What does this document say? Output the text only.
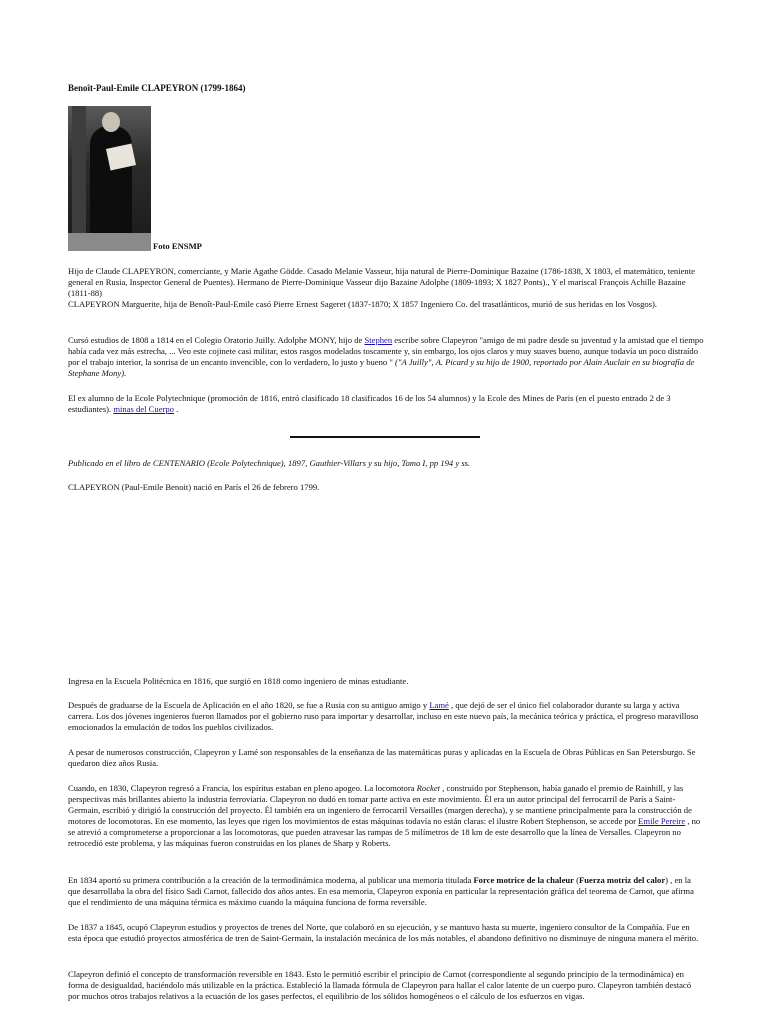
Benoît-Paul-Emile CLAPEYRON (1799-1864)
Foto ENSMP

Hijo de Claude CLAPEYRON, comerciante, y Marie Agathe Gödde. Casado Melanie Vasseur, hija natural de Pierre-Dominique Bazaine (1786-1838, X 1803, el matemático, teniente general en Rusia, Inspector General de Puentes). Hermano de Pierre-Dominique Vasseur dijo Bazaine Adolphe (1809-1893; X 1827 Ponts)., Y el mariscal François Achille Bazaine (1811-88)

CLAPEYRON Marguerite, hija de Benoît-Paul-Emile casó Pierre Ernest Sageret (1837-1870; X 1857 Ingeniero Co. del trasatlánticos, murió de sus heridas en los Vosgos).

Cursó estudios de 1808 a 1814 en el Colegio Oratorio Juilly. Adolphe MONY, hijo de Stephen escribe sobre Clapeyron "amigo de mi padre desde su juventud y la amistad que el tiempo había cada vez más estrecha, ... Veo este cojinete casi militar, estos rasgos modelados toscamente y, sin embargo, los ojos claros y muy suaves bueno, aunque todavía un poco distraído por el trabajo interior, la sonrisa de un encanto invencible, con lo verdadero, lo justo y bueno " ("A Juilly", A. Picard y su hijo de 1900, reportado por Alain Auclair en su biografía de Stephane Mony).

El ex alumno de la Ecole Polytechnique (promoción de 1816, entró clasificado 18 clasificados 16 de los 54 alumnos) y la Ecole des Mines de Paris (en el puesto entrado 2 de 3 estudiantes). minas del Cuerpo .

Publicado en el libro de CENTENARIO (Ecole Polytechnique), 1897, Gauthier-Villars y su hijo, Tomo I, pp 194 y ss.

CLAPEYRON (Paul-Emile Benoit) nació en París el 26 de febrero 1799.

Ingresa en la Escuela Politécnica en 1816, que surgió en 1818 como ingeniero de minas estudiante.

Después de graduarse de la Escuela de Aplicación en el año 1820, se fue a Rusia con su antiguo amigo y Lamé , que dejó de ser el único fiel colaborador durante su larga y activa carrera. Los dos jóvenes ingenieros fueron llamados por el gobierno ruso para importar y desarrollar, incluso en este nuevo país, la mecánica teórica y práctica, el progreso maravilloso emocionados la emulación de todos los pueblos civilizados.

A pesar de numerosos construcción, Clapeyron y Lamé son responsables de la enseñanza de las matemáticas puras y aplicadas en la Escuela de Obras Públicas en San Petersburgo. Se quedaron diez años Rusia.

Cuando, en 1830, Clapeyron regresó a Francia, los espíritus estaban en pleno apogeo. La locomotora Rocket , construido por Stephenson, había ganado el premio de Rainhill, y las perspectivas más brillantes abierto la industria ferroviaria. Clapeyron no dudó en tomar parte activa en este movimiento. Él era un autor principal del ferrocarril de París a Saint-Germain, escribió y dirigió la construcción del proyecto. Él también era un ingeniero de ferrocarril Versailles (margen derecha), y se mantiene principalmente para la construcción de motores de locomotoras. En ese momento, las leyes que rigen los movimientos de estas máquinas todavía no están claras: el ilustre Robert Stephenson, se accede por Emile Pereire , no se atrevió a comprometerse a proporcionar a las locomotoras, que pueden atravesar las rampas de 5 milímetros de 18 km de este desarrollo que la línea de Versalles. Clapeyron no retrocedió este problema, y las máquinas fueron construidas en los planes de Sharp y Roberts.

En 1834 aportó su primera contribución a la creación de la termodinámica moderna, al publicar una memoria titulada Force motrice de la chaleur (Fuerza motriz del calor) , en la que desarrollaba la obra del físico Sadi Carnot, fallecido dos años antes. En esa memoria, Clapeyron exponía en particular la representación gráfica del teorema de Carnot, que afirma que el rendimiento de una máquina térmica es máximo cuando la máquina funciona de forma reversible.

De 1837 a 1845, ocupó Clapeyron estudios y proyectos de trenes del Norte, que colaboró en su ejecución, y se mantuvo hasta su muerte, ingeniero consultor de la Compañía. Fue en esta época que estudió proyectos atmosférica de tren de Saint-Germain, la instalación mecánica de los más notables, el abandono definitivo no disminuye de ninguna manera el mérito.

Clapeyron definió el concepto de transformación reversible en 1843. Esto le permitió escribir el principio de Carnot (correspondiente al segundo principio de la termodinámica) en forma de desigualdad, haciéndolo más utilizable en la práctica. Estableció la llamada fórmula de Clapeyron para hallar el calor latente de un cuerpo puro. Clapeyron también destacó por muchos otros trabajos relativos a la ecuación de los gases perfectos, el equilibrio de los sólidos homogéneos o el cálculo de los esfuerzos en vigas.
